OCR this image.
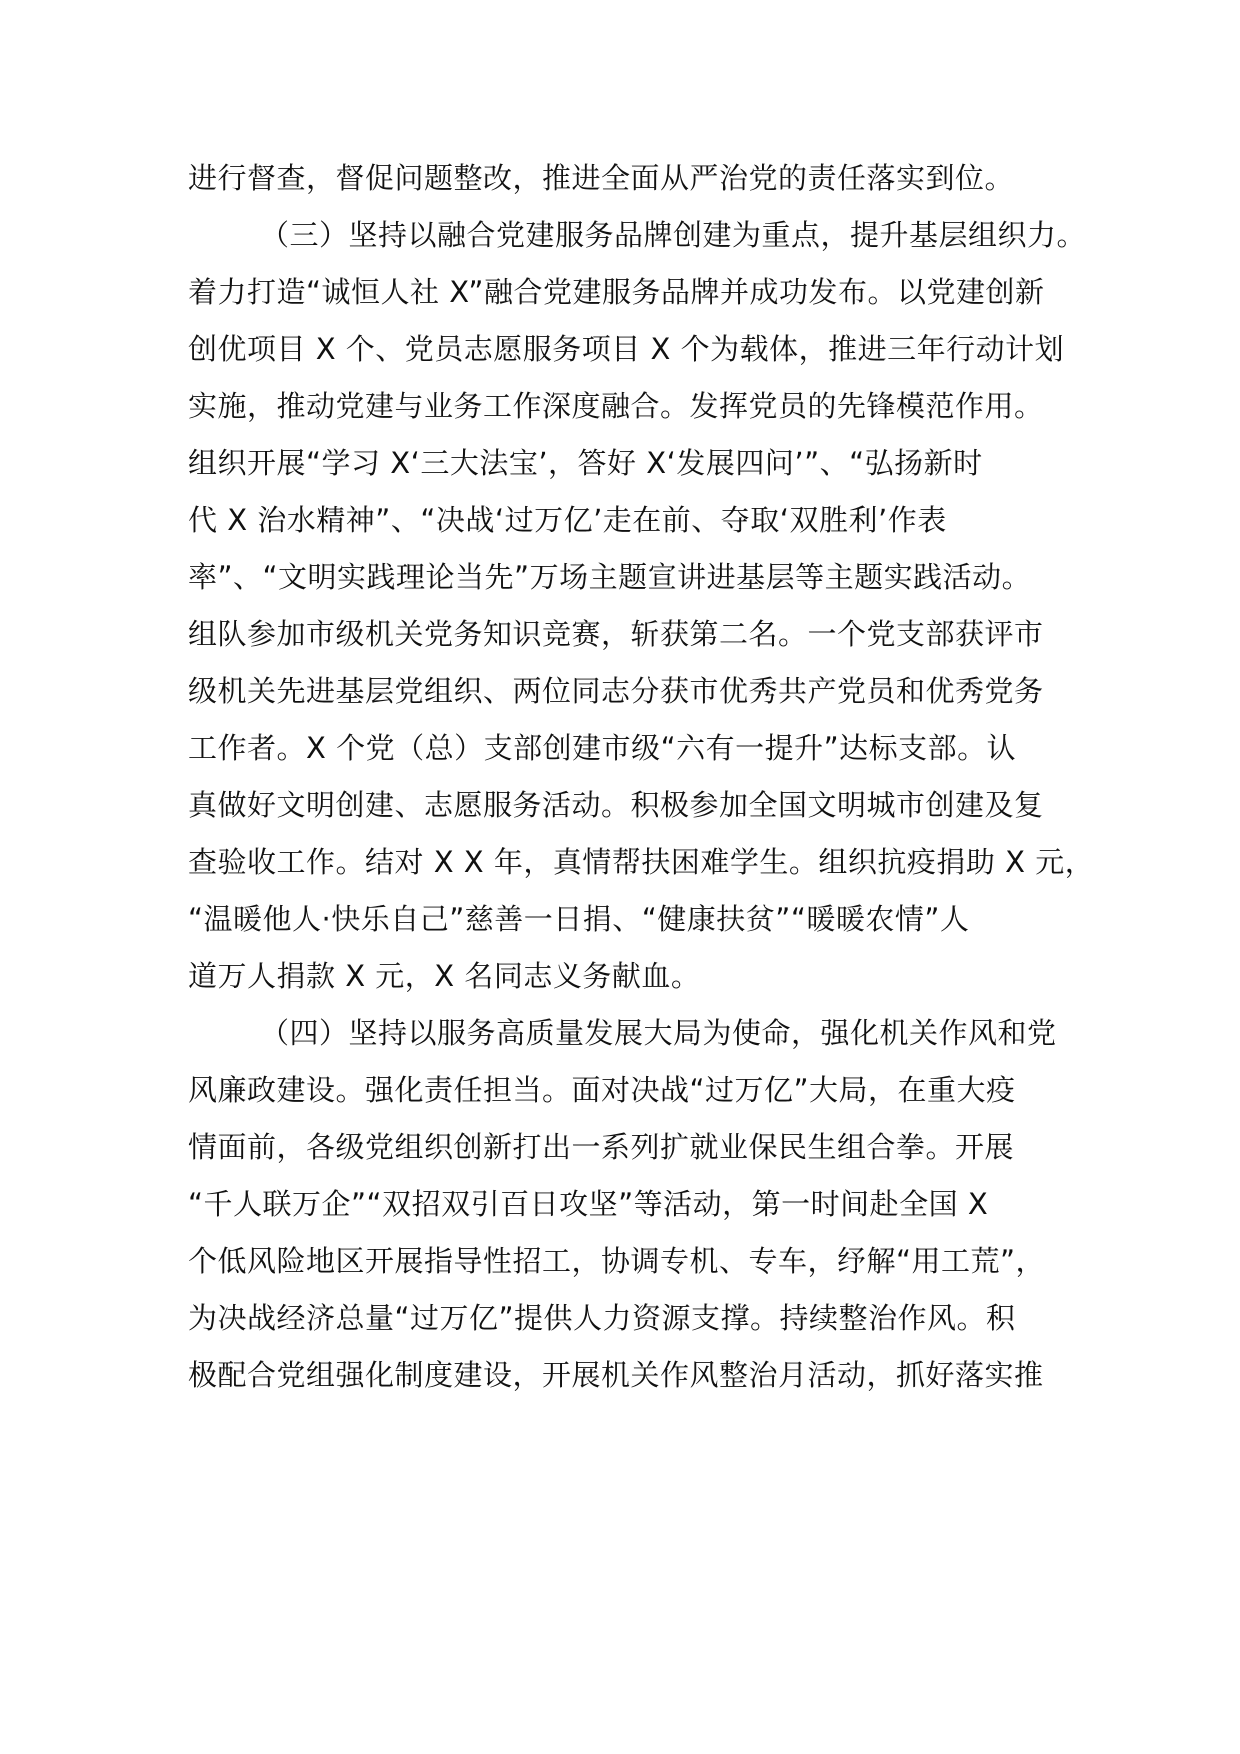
进行督查，督促问题整改，推进全面从严治党的责任落实到位。
（三）坚持以融合党建服务品牌创建为重点，提升基层组织力。
着力打造“诚恒人社 X”融合党建服务品牌并成功发布。以党建创新
创优项目 X 个、党员志愿服务项目 X 个为载体，推进三年行动计划
实施，推动党建与业务工作深度融合。发挥党员的先锋模范作用。
组织开展“学习 X‘三大法宝’，答好 X‘发展四问’”、“弘扬新时
代 X 治水精神”、“决战‘过万亿’走在前、夺取‘双胜利’作表
率”、“文明实践理论当先”万场主题宣讲进基层等主题实践活动。
组队参加市级机关党务知识竞赛，斩获第二名。一个党支部获评市
级机关先进基层党组织、两位同志分获市优秀共产党员和优秀党务
工作者。X 个党（总）支部创建市级“六有一提升”达标支部。认
真做好文明创建、志愿服务活动。积极参加全国文明城市创建及复
查验收工作。结对 X X 年，真情帮扶困难学生。组织抗疫捐助 X 元，
“温暖他人·快乐自己”慈善一日捐、“健康扶贫”“暖暖农情”人
道万人捐款 X 元，X 名同志义务献血。
（四）坚持以服务高质量发展大局为使命，强化机关作风和党
风廉政建设。强化责任担当。面对决战“过万亿”大局，在重大疫
情面前，各级党组织创新打出一系列扩就业保民生组合拳。开展
“千人联万企”“双招双引百日攻坚”等活动，第一时间赴全国 X
个低风险地区开展指导性招工，协调专机、专车，纾解“用工荒”，
为决战经济总量“过万亿”提供人力资源支撑。持续整治作风。积
极配合党组强化制度建设，开展机关作风整治月活动，抓好落实推
